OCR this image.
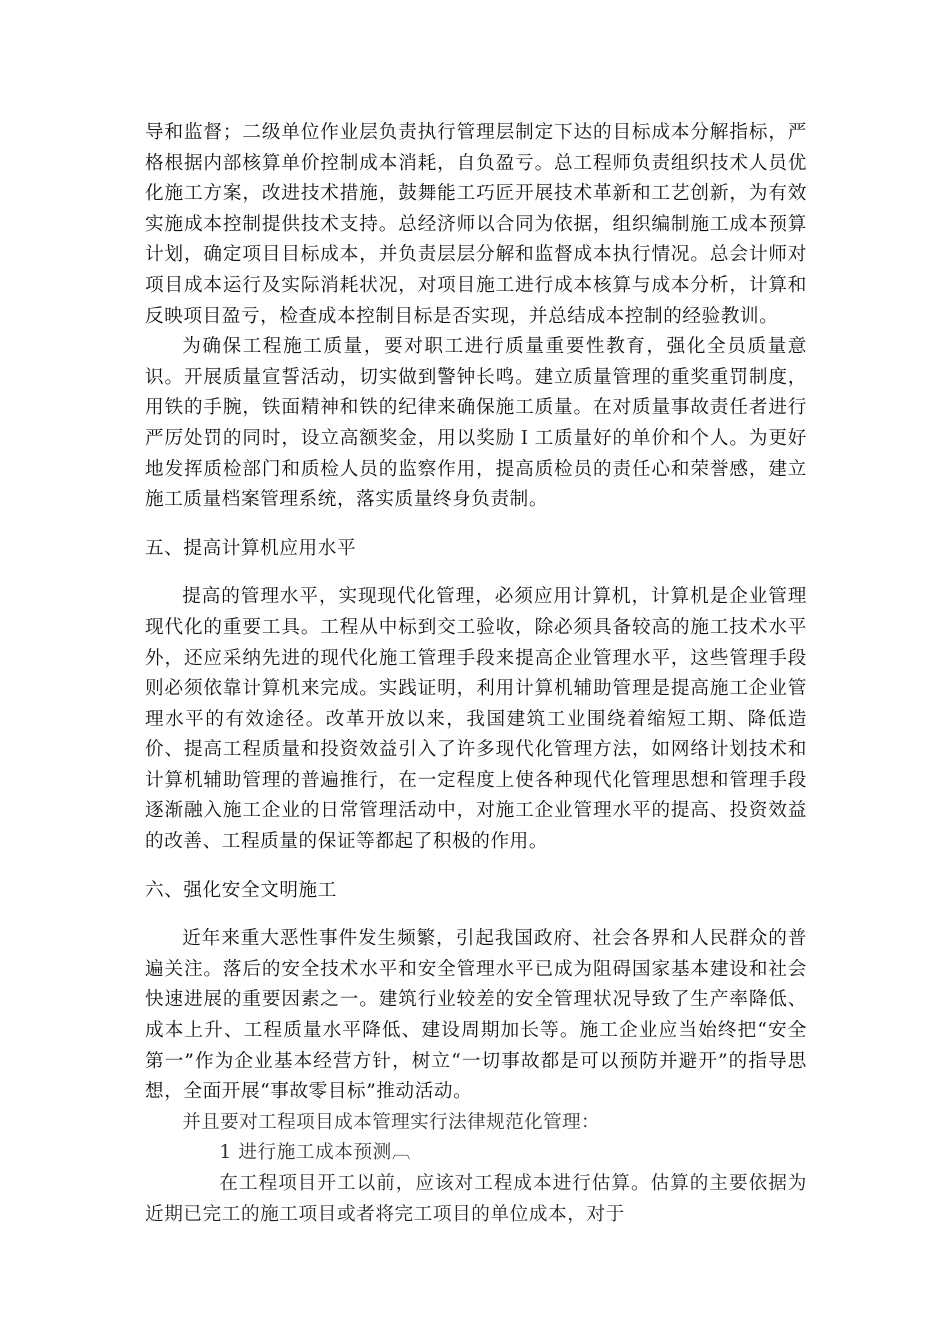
导和监督；二级单位作业层负责执行管理层制定下达的目标成本分解指标，严格根据内部核算单价控制成本消耗，自负盈亏。总工程师负责组织技术人员优化施工方案，改进技术措施，鼓舞能工巧匠开展技术革新和工艺创新，为有效实施成本控制提供技术支持。总经济师以合同为依据，组织编制施工成本预算计划，确定项目目标成本，并负责层层分解和监督成本执行情况。总会计师对项目成本运行及实际消耗状况，对项目施工进行成本核算与成本分析，计算和反映项目盈亏，检查成本控制目标是否实现，并总结成本控制的经验教训。

为确保工程施工质量，要对职工进行质量重要性教育，强化全员质量意识。开展质量宣誓活动，切实做到警钟长鸣。建立质量管理的重奖重罚制度，用铁的手腕，铁面精神和铁的纪律来确保施工质量。在对质量事故责任者进行严厉处罚的同时，设立高额奖金，用以奖励Ｉ工质量好的单价和个人。为更好地发挥质检部门和质检人员的监察作用，提高质检员的责任心和荣誉感，建立施工质量档案管理系统，落实质量终身负责制。

五、提高计算机应用水平

提高的管理水平，实现现代化管理，必须应用计算机，计算机是企业管理现代化的重要工具。工程从中标到交工验收，除必须具备较高的施工技术水平外，还应采纳先进的现代化施工管理手段来提高企业管理水平，这些管理手段则必须依靠计算机来完成。实践证明，利用计算机辅助管理是提高施工企业管理水平的有效途径。改革开放以来，我国建筑工业围绕着缩短工期、降低造价、提高工程质量和投资效益引入了许多现代化管理方法，如网络计划技术和计算机辅助管理的普遍推行，在一定程度上使各种现代化管理思想和管理手段逐渐融入施工企业的日常管理活动中，对施工企业管理水平的提高、投资效益的改善、工程质量的保证等都起了积极的作用。

六、强化安全文明施工

近年来重大恶性事件发生频繁，引起我国政府、社会各界和人民群众的普遍关注。落后的安全技术水平和安全管理水平已成为阻碍国家基本建设和社会快速进展的重要因素之一。建筑行业较差的安全管理状况导致了生产率降低、成本上升、工程质量水平降低、建设周期加长等。施工企业应当始终把“安全第一”作为企业基本经营方针，树立“一切事故都是可以预防并避开”的指导思想，全面开展“事故零目标”推动活动。

并且要对工程项目成本管理实行法律规范化管理：

1 进行施工成本预测︹

在工程项目开工以前，应该对工程成本进行估算。估算的主要依据为近期已完工的施工项目或者将完工项目的单位成本，对于
